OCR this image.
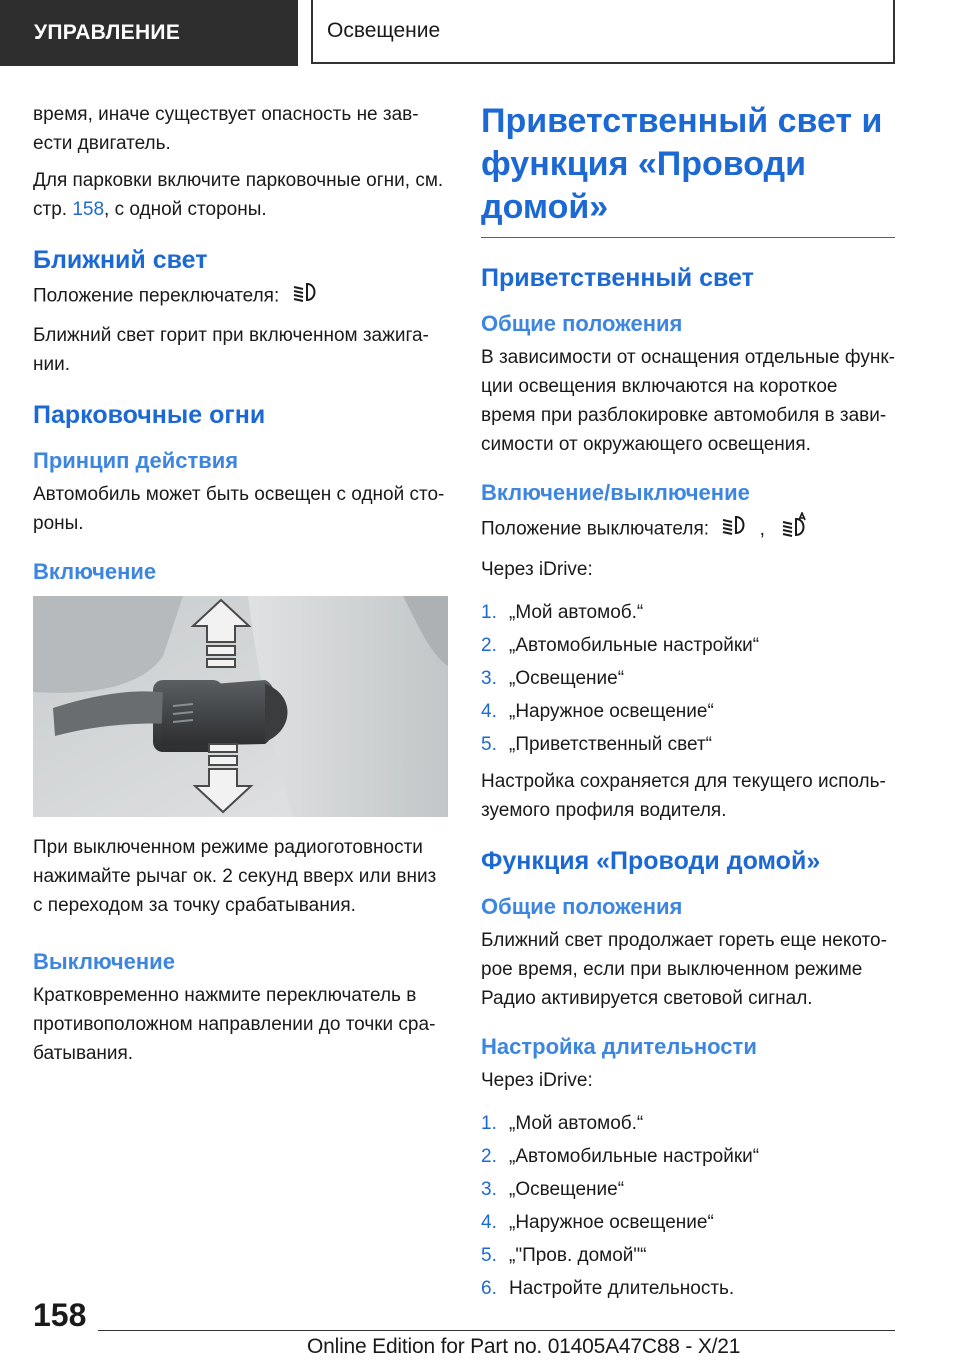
УПРАВЛЕНИЕ	Освещение

время, иначе существует опасность не зав-ести двигатель.

Для парковки включите парковочные огни, см. стр. 158, с одной стороны.

Ближний свет

Положение переключателя:

Ближний свет горит при включенном зажига-нии.

Парковочные огни
Принцип действия

Автомобиль может быть освещен с одной сто-роны.

Включение

При выключенном режиме радиоготовности нажимайте рычаг ок. 2 секунд вверх или вниз с переходом за точку срабатывания.

Выключение

Кратковременно нажмите переключатель в противоположном направлении до точки сра-батывания.

Приветственный свет и функция «Проводи домой»
Приветственный свет
Общие положения

В зависимости от оснащения отдельные функ-ции освещения включаются на короткое время при разблокировке автомобиля в зави-симости от окружающего освещения.

Включение/выключение

Положение выключателя:	,

Через iDrive:

1. „Мой автомоб.“
2. „Автомобильные настройки“
3. „Освещение“
4. „Наружное освещение“
5. „Приветственный свет“

Настройка сохраняется для текущего исполь-зуемого профиля водителя.

Функция «Проводи домой»
Общие положения

Ближний свет продолжает гореть еще некото-рое время, если при выключенном режиме Радио активируется световой сигнал.

Настройка длительности

Через iDrive:

1. „Мой автомоб.“
2. „Автомобильные настройки“
3. „Освещение“
4. „Наружное освещение“
5. „"Пров. домой"“
6. Настройте длительность.
158
Online Edition for Part no. 01405A47C88 - X/21
